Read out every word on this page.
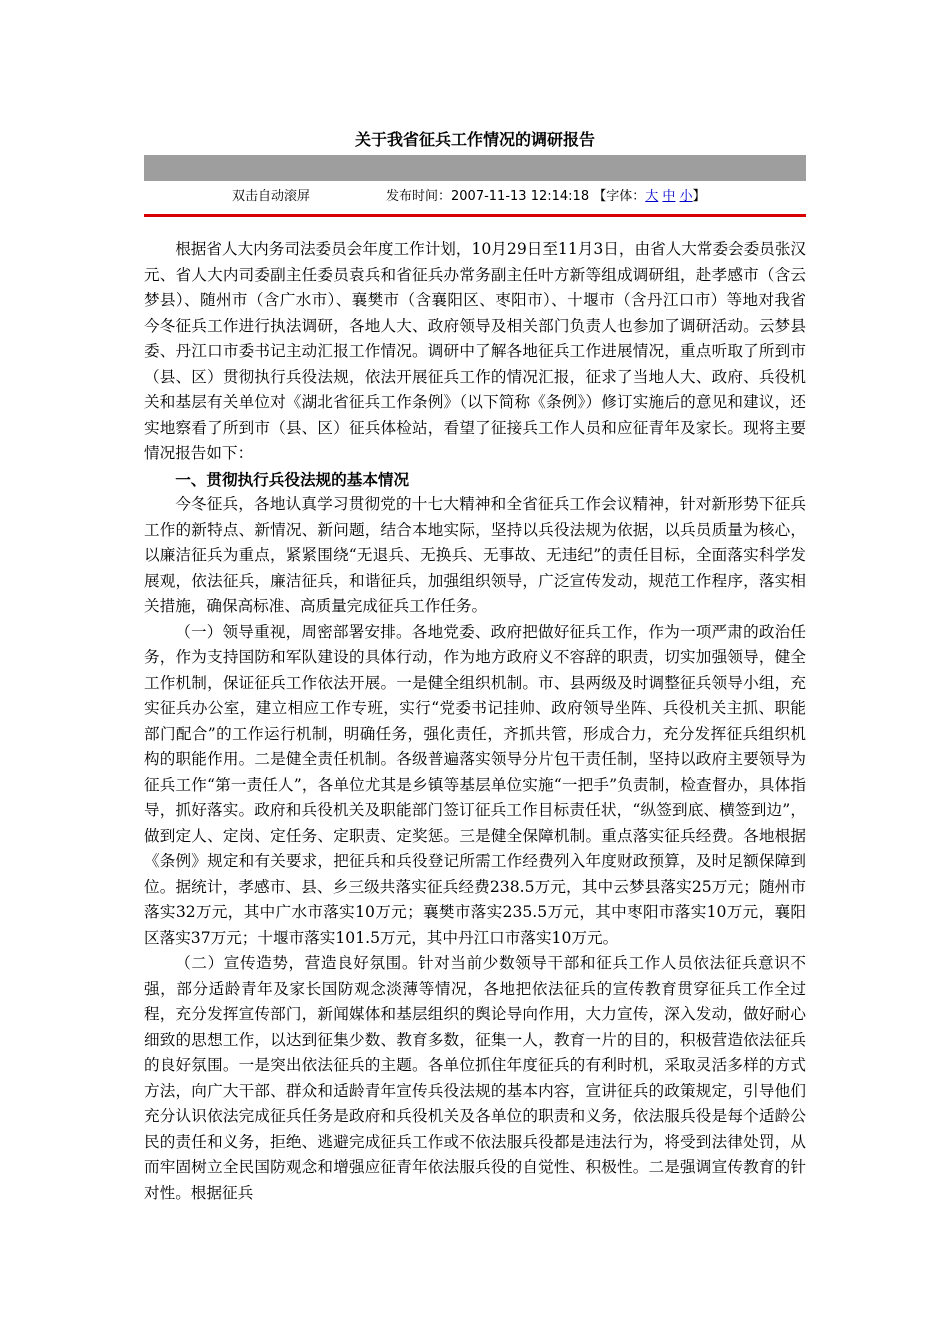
关于我省征兵工作情况的调研报告
双击自动滚屏	发布时间：2007-11-13 12:14:18 【字体：大 中 小】

根据省人大内务司法委员会年度工作计划，10月29日至11月3日，由省人大常委会委员张汉元、省人大内司委副主任委员袁兵和省征兵办常务副主任叶方新等组成调研组，赴孝感市（含云梦县）、随州市（含广水市）、襄樊市（含襄阳区、枣阳市）、十堰市（含丹江口市）等地对我省今冬征兵工作进行执法调研，各地人大、政府领导及相关部门负责人也参加了调研活动。云梦县委、丹江口市委书记主动汇报工作情况。调研中了解各地征兵工作进展情况，重点听取了所到市（县、区）贯彻执行兵役法规，依法开展征兵工作的情况汇报，征求了当地人大、政府、兵役机关和基层有关单位对《湖北省征兵工作条例》（以下简称《条例》）修订实施后的意见和建议，还实地察看了所到市（县、区）征兵体检站，看望了征接兵工作人员和应征青年及家长。现将主要情况报告如下：

一、贯彻执行兵役法规的基本情况

今冬征兵，各地认真学习贯彻党的十七大精神和全省征兵工作会议精神，针对新形势下征兵工作的新特点、新情况、新问题，结合本地实际，坚持以兵役法规为依据，以兵员质量为核心，以廉洁征兵为重点，紧紧围绕“无退兵、无换兵、无事故、无违纪”的责任目标，全面落实科学发展观，依法征兵，廉洁征兵，和谐征兵，加强组织领导，广泛宣传发动，规范工作程序，落实相关措施，确保高标准、高质量完成征兵工作任务。

（一）领导重视，周密部署安排。各地党委、政府把做好征兵工作，作为一项严肃的政治任务，作为支持国防和军队建设的具体行动，作为地方政府义不容辞的职责，切实加强领导，健全工作机制，保证征兵工作依法开展。一是健全组织机制。市、县两级及时调整征兵领导小组，充实征兵办公室，建立相应工作专班，实行“党委书记挂帅、政府领导坐阵、兵役机关主抓、职能部门配合”的工作运行机制，明确任务，强化责任，齐抓共管，形成合力，充分发挥征兵组织机构的职能作用。二是健全责任机制。各级普遍落实领导分片包干责任制，坚持以政府主要领导为征兵工作“第一责任人”，各单位尤其是乡镇等基层单位实施“一把手”负责制，检查督办，具体指导，抓好落实。政府和兵役机关及职能部门签订征兵工作目标责任状，“纵签到底、横签到边”，做到定人、定岗、定任务、定职责、定奖惩。三是健全保障机制。重点落实征兵经费。各地根据《条例》规定和有关要求，把征兵和兵役登记所需工作经费列入年度财政预算，及时足额保障到位。据统计，孝感市、县、乡三级共落实征兵经费238.5万元，其中云梦县落实25万元；随州市落实32万元，其中广水市落实10万元；襄樊市落实235.5万元，其中枣阳市落实10万元，襄阳区落实37万元；十堰市落实101.5万元，其中丹江口市落实10万元。

（二）宣传造势，营造良好氛围。针对当前少数领导干部和征兵工作人员依法征兵意识不强，部分适龄青年及家长国防观念淡薄等情况，各地把依法征兵的宣传教育贯穿征兵工作全过程，充分发挥宣传部门，新闻媒体和基层组织的舆论导向作用，大力宣传，深入发动，做好耐心细致的思想工作，以达到征集少数、教育多数，征集一人，教育一片的目的，积极营造依法征兵的良好氛围。一是突出依法征兵的主题。各单位抓住年度征兵的有利时机，采取灵活多样的方式方法，向广大干部、群众和适龄青年宣传兵役法规的基本内容，宣讲征兵的政策规定，引导他们充分认识依法完成征兵任务是政府和兵役机关及各单位的职责和义务，依法服兵役是每个适龄公民的责任和义务，拒绝、逃避完成征兵工作或不依法服兵役都是违法行为，将受到法律处罚，从而牢固树立全民国防观念和增强应征青年依法服兵役的自觉性、积极性。二是强调宣传教育的针对性。根据征兵
